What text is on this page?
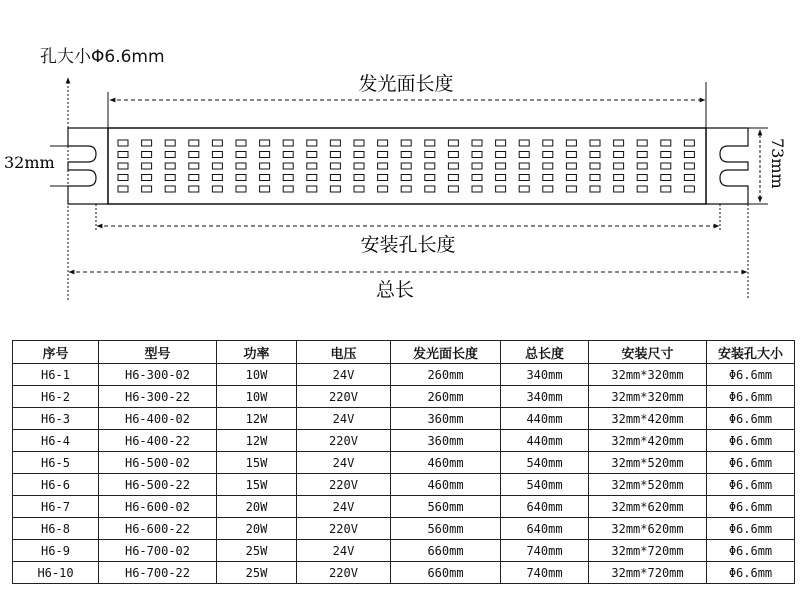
孔大小Φ6.6mm
发光面长度
32mm	73mm
安装孔长度
总长
序号	型号	功率	电压	发光面长度	总长度	安装尺寸	安装孔大小
H6-1	H6-300-02	10W	24V	260mm	340mm	32mm*320mm	Φ6.6mm
H6-2	H6-300-22	10W	220V	260mm	340mm	32mm*320mm	Φ6.6mm
H6-3	H6-400-02	12W	24V	360mm	440mm	32mm*420mm	Φ6.6mm
H6-4	H6-400-22	12W	220V	360mm	440mm	32mm*420mm	Φ6.6mm
H6-5	H6-500-02	15W	24V	460mm	540mm	32mm*520mm	Φ6.6mm
H6-6	H6-500-22	15W	220V	460mm	540mm	32mm*520mm	Φ6.6mm
H6-7	H6-600-02	20W	24V	560mm	640mm	32mm*620mm	Φ6.6mm
H6-8	H6-600-22	20W	220V	560mm	640mm	32mm*620mm	Φ6.6mm
H6-9	H6-700-02	25W	24V	660mm	740mm	32mm*720mm	Φ6.6mm
H6-10	H6-700-22	25W	220V	660mm	740mm	32mm*720mm	Φ6.6mm
